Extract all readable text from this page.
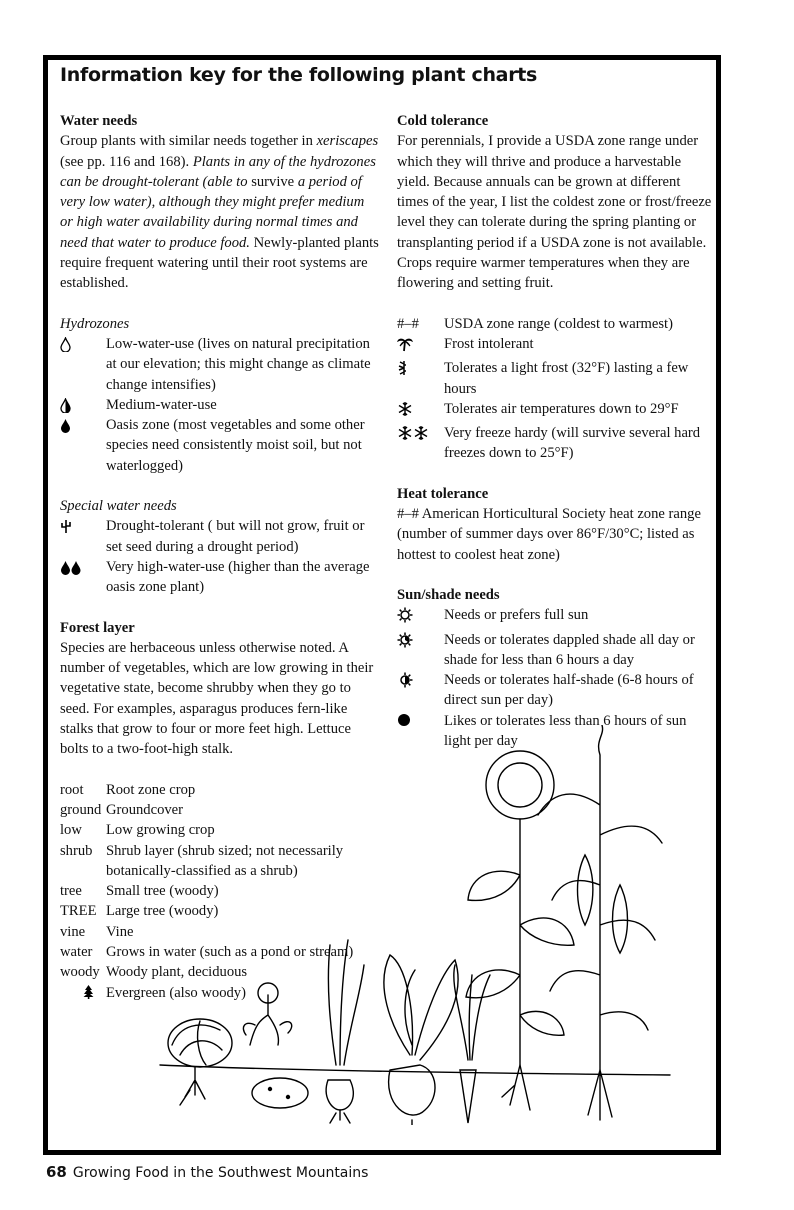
Information key for the following plant charts
Water needs

Group plants with similar needs together in xeriscapes (see pp. 116 and 168). Plants in any of the hydrozones can be drought-tolerant (able to survive a period of very low water), although they might prefer medium or high water availability during normal times and need that water to produce food. Newly-planted plants require frequent watering until their root systems are established.

Hydrozones

Low-water-use (lives on natural precipitation at our elevation; this might change as climate change intensifies)
Medium-water-use
Oasis zone (most vegetables and some other species need consistently moist soil, but not waterlogged)

Special water needs

Drought-tolerant ( but will not grow, fruit or set seed during a drought period)
Very high-water-use (higher than the average oasis zone plant)
Forest layer

Species are herbaceous unless otherwise noted. A number of vegetables, which are low growing in their vegetative state, become shrubby when they go to seed. For examples, asparagus produces fern-like stalks that grow to four or more feet high. Lettuce bolts to a two-foot-high stalk.

root	Root zone crop
ground Groundcover
low	Low growing crop
shrub Shrub layer (shrub sized; not necessarily botanically-classified as a shrub)
tree	Small tree (woody)
TREE Large tree (woody)
vine	Vine
water Grows in water (such as a pond or stream)
woody Woody plant, deciduous
Evergreen (also woody)
Cold tolerance

For perennials, I provide a USDA zone range under which they will thrive and produce a harvestable yield. Because annuals can be grown at different times of the year, I list the coldest zone or frost/freeze level they can tolerate during the spring planting or transplanting period if a USDA zone is not available. Crops require warmer temperatures when they are flowering and setting fruit.

#–#	USDA zone range (coldest to warmest)
Frost intolerant
Tolerates a light frost (32°F) lasting a few hours
Tolerates air temperatures down to 29°F
Very freeze hardy (will survive several hard freezes down to 25°F)
Heat tolerance

#–# American Horticultural Society heat zone range (number of summer days over 86°F/30°C; listed as hottest to coolest heat zone)

Sun/shade needs
Needs or prefers full sun
Needs or tolerates dappled shade all day or shade for less than 6 hours a day
Needs or tolerates half-shade (6-8 hours of direct sun per day)
Likes or tolerates less than 6 hours of sun light per day
68 Growing Food in the Southwest Mountains
